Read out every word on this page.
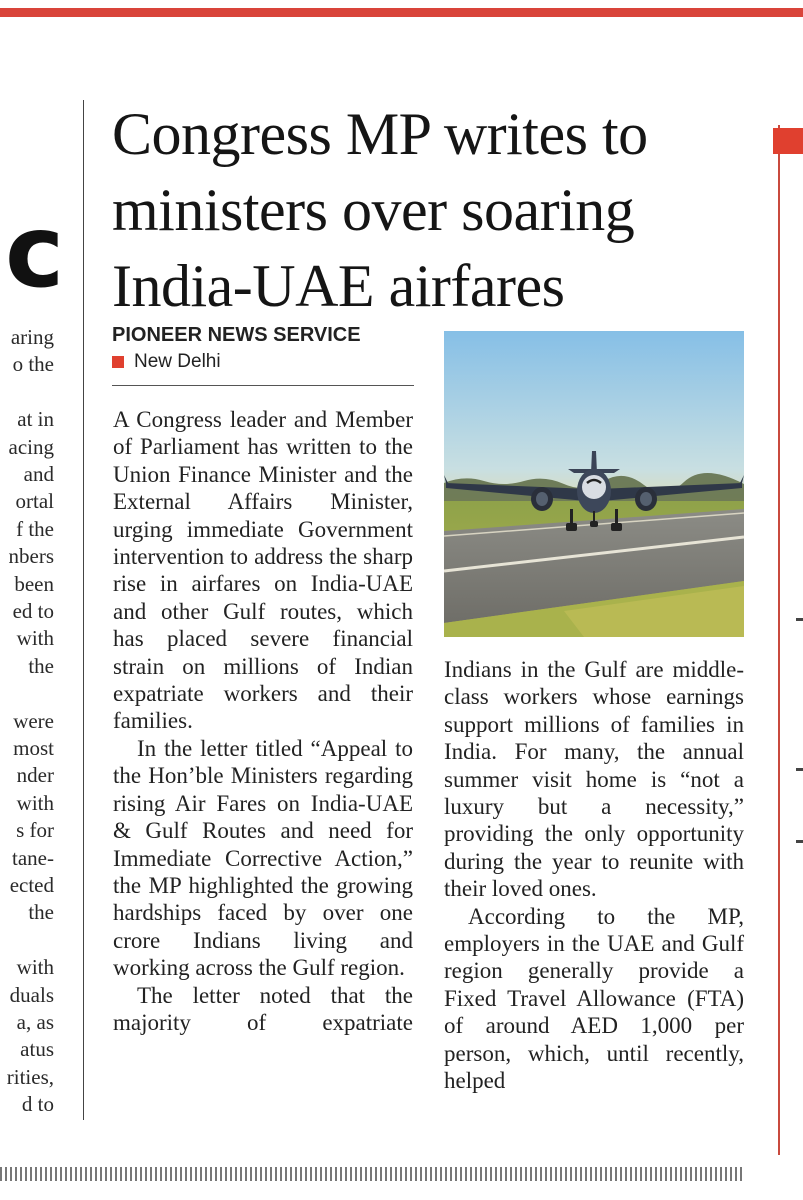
c
aring
o the
at in
acing
and
ortal
f the
nbers
been
ed to
with
the
were
most
nder
with
s for
tane-
ected
the
with
duals
a, as
atus
rities,
d to
Congress MP writes to ministers over soaring India-UAE airfares
PIONEER NEWS SERVICE
New Delhi

A Congress leader and Member of Parliament has written to the Union Finance Minister and the External Affairs Minister, urging immediate Government intervention to address the sharp rise in airfares on India-UAE and other Gulf routes, which has placed severe financial strain on millions of Indian expatriate workers and their families.

In the letter titled “Appeal to the Hon’ble Ministers regarding rising Air Fares on India-UAE & Gulf Routes and need for Immediate Corrective Action,” the MP highlighted the growing hardships faced by over one crore Indians living and working across the Gulf region.

The letter noted that the majority of expatriate

Indians in the Gulf are middle-class workers whose earnings support millions of families in India. For many, the annual summer visit home is “not a luxury but a necessity,” providing the only opportunity during the year to reunite with their loved ones.

According to the MP, employers in the UAE and Gulf region generally provide a Fixed Travel Allowance (FTA) of around AED 1,000 per person, which, until recently, helped
